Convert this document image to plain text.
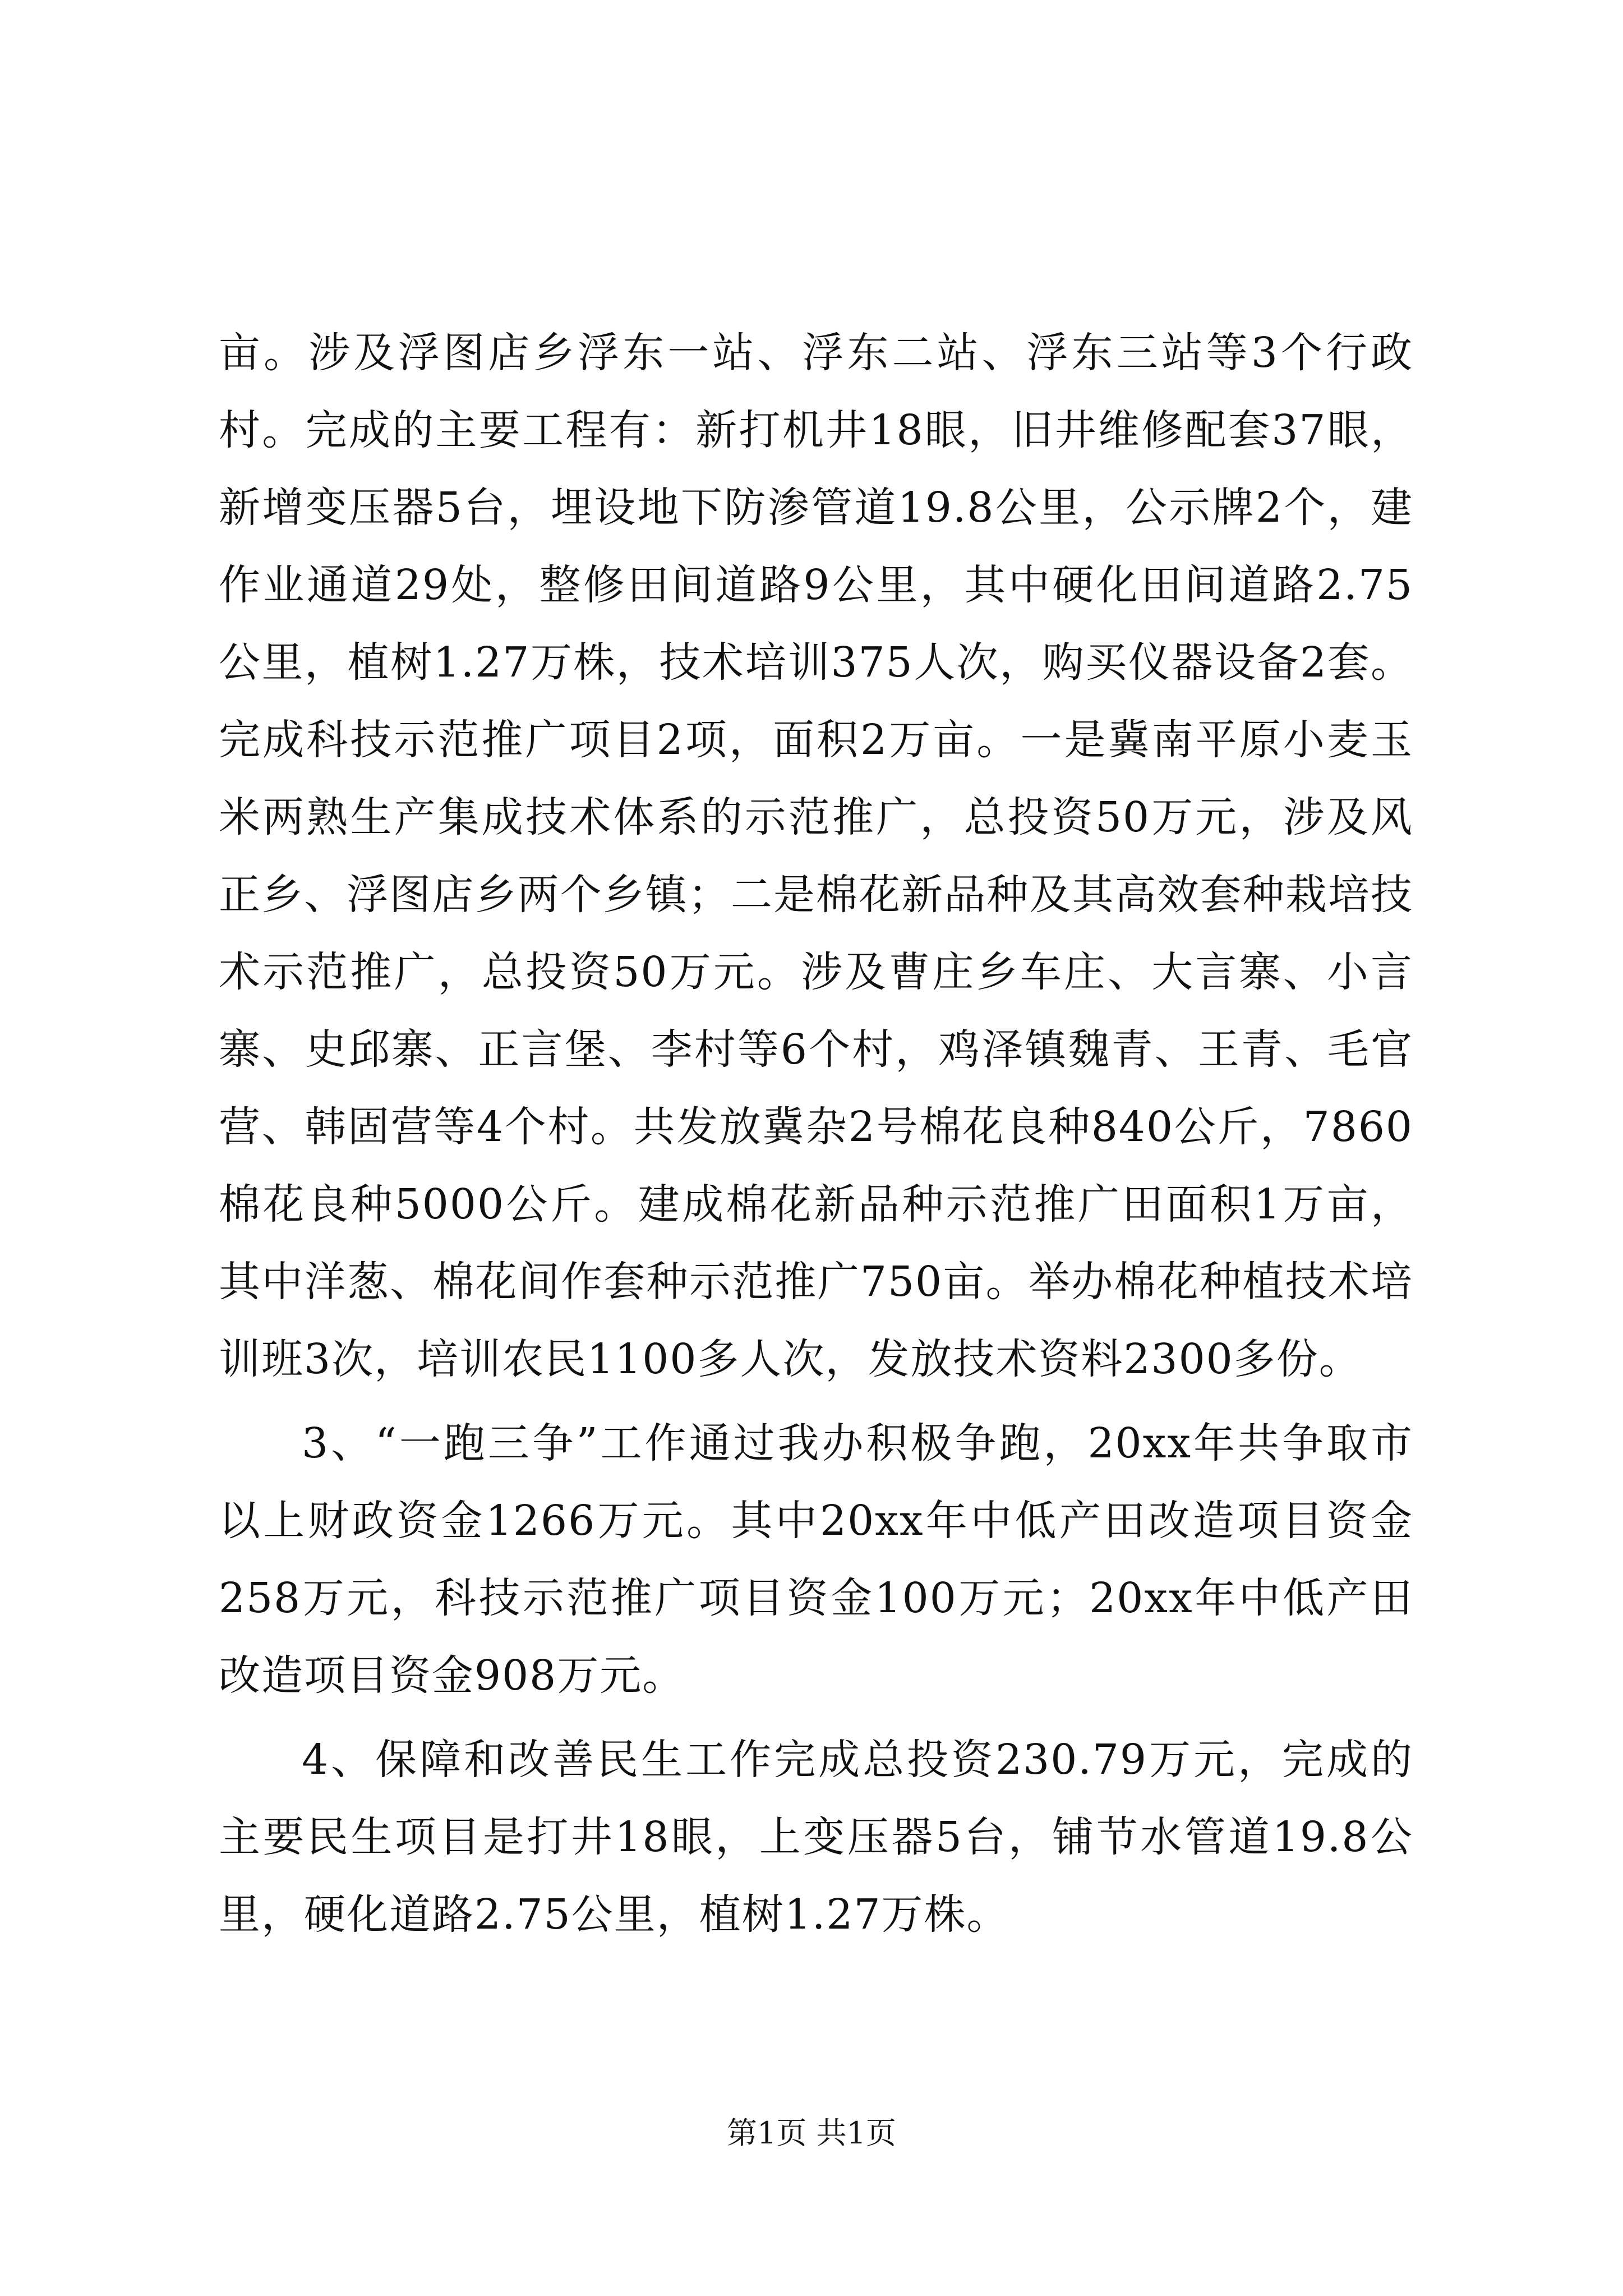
亩。涉及浮图店乡浮东一站、浮东二站、浮东三站等3个行政村。完成的主要工程有：新打机井18眼，旧井维修配套37眼，新增变压器5台，埋设地下防渗管道19.8公里，公示牌2个，建作业通道29处，整修田间道路9公里，其中硬化田间道路2.75公里，植树1.27万株，技术培训375人次，购买仪器设备2套。完成科技示范推广项目2项，面积2万亩。一是冀南平原小麦玉米两熟生产集成技术体系的示范推广，总投资50万元，涉及风正乡、浮图店乡两个乡镇；二是棉花新品种及其高效套种栽培技术示范推广，总投资50万元。涉及曹庄乡车庄、大言寨、小言寨、史邱寨、正言堡、李村等6个村，鸡泽镇魏青、王青、毛官营、韩固营等4个村。共发放冀杂2号棉花良种840公斤，7860棉花良种5000公斤。建成棉花新品种示范推广田面积1万亩，其中洋葱、棉花间作套种示范推广750亩。举办棉花种植技术培训班3次，培训农民1100多人次，发放技术资料2300多份。

3、“一跑三争”工作通过我办积极争跑，20xx年共争取市以上财政资金1266万元。其中20xx年中低产田改造项目资金258万元，科技示范推广项目资金100万元；20xx年中低产田改造项目资金908万元。

4、保障和改善民生工作完成总投资230.79万元，完成的主要民生项目是打井18眼，上变压器5台，铺节水管道19.8公里，硬化道路2.75公里，植树1.27万株。

第1页 共1页
